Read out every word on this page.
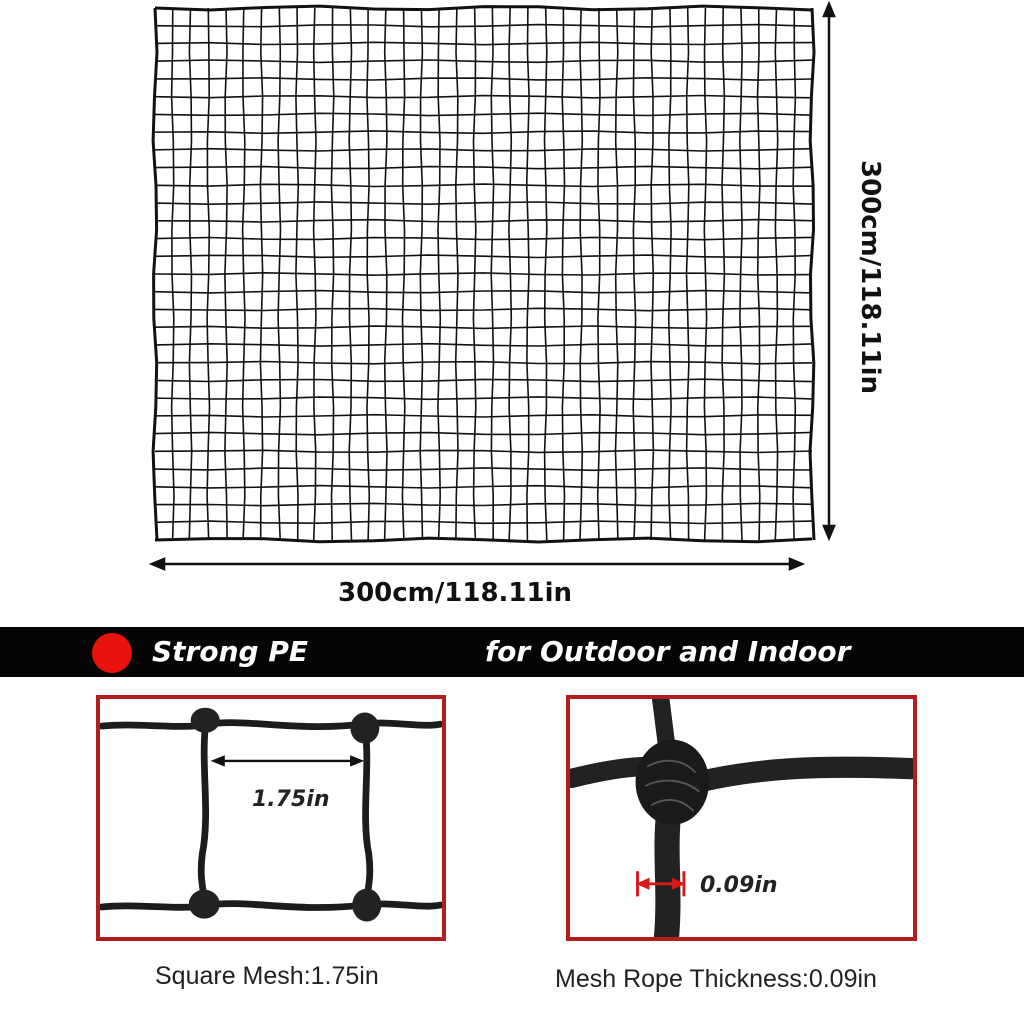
300cm/118.11in
300cm/118.11in
Strong PE	for Outdoor and Indoor
1.75in
0.09in
Square Mesh:1.75in	Mesh Rope Thickness:0.09in
